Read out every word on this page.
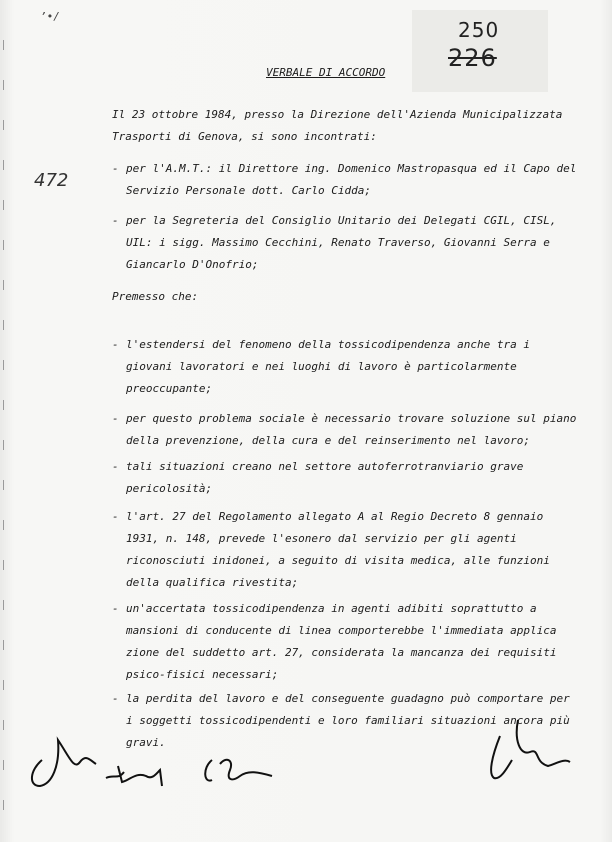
’•/
250
226
472
VERBALE DI ACCORDO
Il 23 ottobre 1984, presso la Direzione dell'Azienda Municipalizzata
Trasporti di Genova, si sono incontrati:
- per l'A.M.T.: il Direttore ing. Domenico Mastropasqua ed il Capo del
Servizio Personale dott. Carlo Cidda;
- per la Segreteria del Consiglio Unitario dei Delegati CGIL, CISL,
UIL: i sigg. Massimo Cecchini, Renato Traverso, Giovanni Serra e
Giancarlo D'Onofrio;
Premesso che:
- l'estendersi del fenomeno della tossicodipendenza anche tra i
giovani lavoratori e nei luoghi di lavoro è particolarmente
preoccupante;
- per questo problema sociale è necessario trovare soluzione sul piano
della prevenzione, della cura e del reinserimento nel lavoro;
- tali situazioni creano nel settore autoferrotranviario grave
pericolosità;
- l'art. 27 del Regolamento allegato A al Regio Decreto 8 gennaio
1931, n. 148, prevede l'esonero dal servizio per gli agenti
riconosciuti inidonei, a seguito di visita medica, alle funzioni
della qualifica rivestita;
- un'accertata tossicodipendenza in agenti adibiti soprattutto a
mansioni di conducente di linea comporterebbe l'immediata applica
zione del suddetto art. 27, considerata la mancanza dei requisiti
psico-fisici necessari;
- la perdita del lavoro e del conseguente guadagno può comportare per
i soggetti tossicodipendenti e loro familiari situazioni ancora più
gravi.
